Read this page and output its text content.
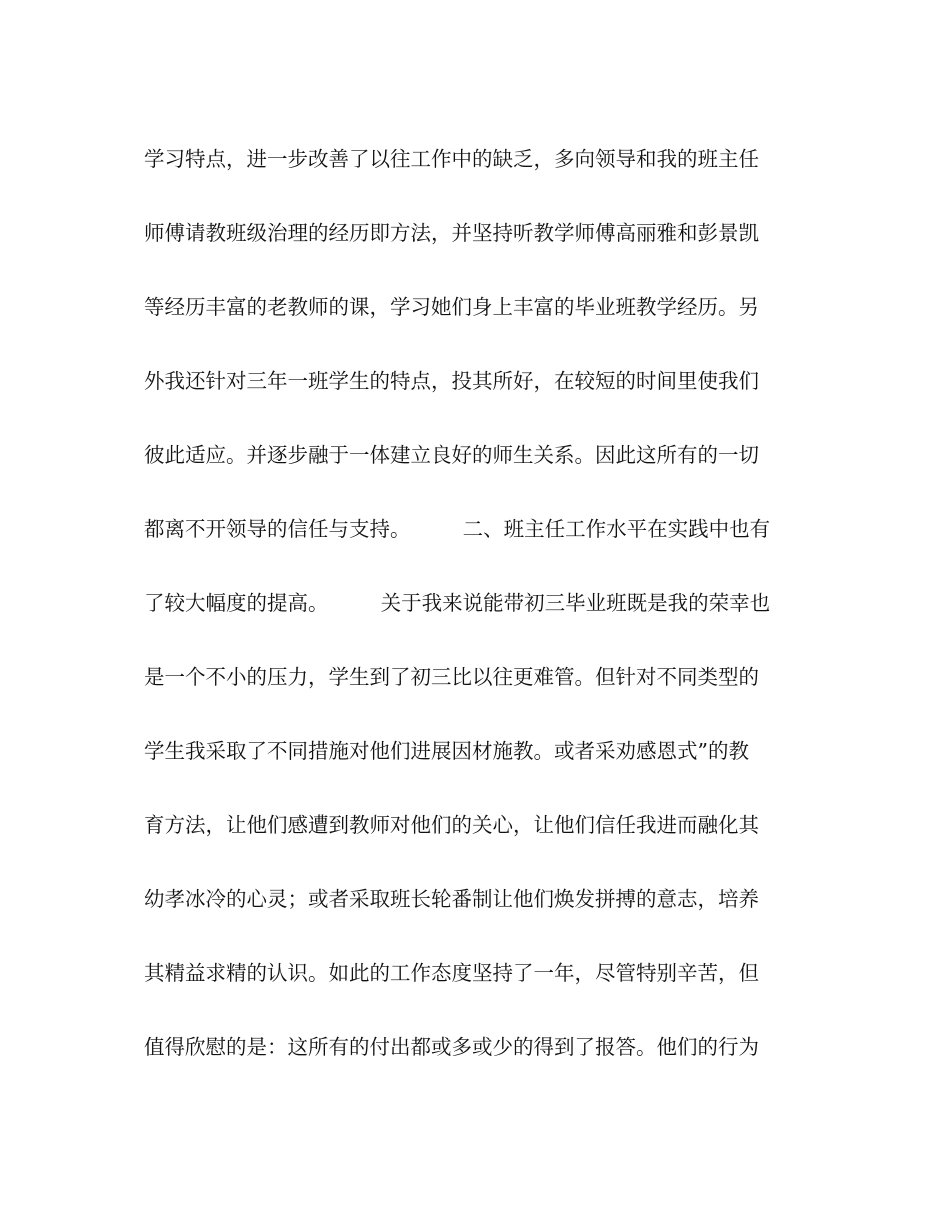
学习特点，进一步改善了以往工作中的缺乏，多向领导和我的班主任
师傅请教班级治理的经历即方法，并坚持听教学师傅高丽雅和彭景凯
等经历丰富的老教师的课，学习她们身上丰富的毕业班教学经历。另
外我还针对三年一班学生的特点，投其所好，在较短的时间里使我们
彼此适应。并逐步融于一体建立良好的师生关系。因此这所有的一切
都离不开领导的信任与支持。        二、班主任工作水平在实践中也有
了较大幅度的提高。        关于我来说能带初三毕业班既是我的荣幸也
是一个不小的压力，学生到了初三比以往更难管。但针对不同类型的
学生我采取了不同措施对他们进展因材施教。或者采劝感恩式”的教
育方法，让他们感遭到教师对他们的关心，让他们信任我进而融化其
幼孝冰冷的心灵；或者采取班长轮番制让他们焕发拼搏的意志，培养
其精益求精的认识。如此的工作态度坚持了一年，尽管特别辛苦，但
值得欣慰的是：这所有的付出都或多或少的得到了报答。他们的行为
